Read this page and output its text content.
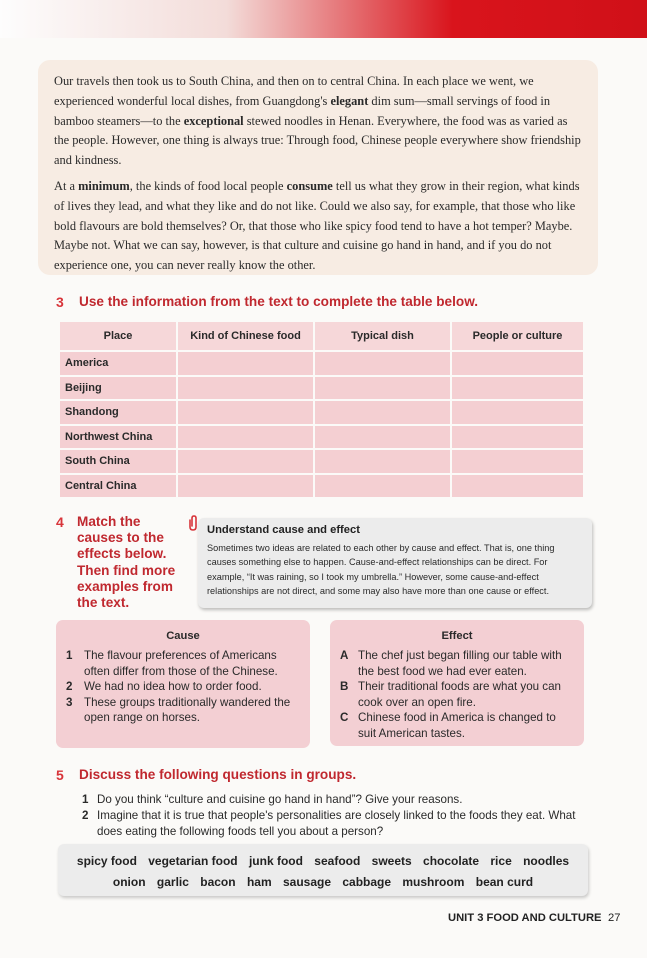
Our travels then took us to South China, and then on to central China. In each place we went, we experienced wonderful local dishes, from Guangdong's elegant dim sum—small servings of food in bamboo steamers—to the exceptional stewed noodles in Henan. Everywhere, the food was as varied as the people. However, one thing is always true: Through food, Chinese people everywhere show friendship and kindness.

At a minimum, the kinds of food local people consume tell us what they grow in their region, what kinds of lives they lead, and what they like and do not like. Could we also say, for example, that those who like bold flavours are bold themselves? Or, that those who like spicy food tend to have a hot temper? Maybe. Maybe not. What we can say, however, is that culture and cuisine go hand in hand, and if you do not experience one, you can never really know the other.

3 Use the information from the text to complete the table below.
Place	Kind of Chinese food	Typical dish	People or culture
America			
Beijing			
Shandong			
Northwest China			
South China			
Central China			
4 Match the causes to the effects below. Then find more examples from the text.
Understand cause and effect
Sometimes two ideas are related to each other by cause and effect. That is, one thing causes something else to happen. Cause-and-effect relationships can be direct. For example, “It was raining, so I took my umbrella.” However, some cause-and-effect relationships are not direct, and some may also have more than one cause or effect.
Cause
1 The flavour preferences of Americans often differ from those of the Chinese.
2 We had no idea how to order food.
3 These groups traditionally wandered the open range on horses.
Effect
A The chef just began filling our table with the best food we had ever eaten.
B Their traditional foods are what you can cook over an open fire.
C Chinese food in America is changed to suit American tastes.
5 Discuss the following questions in groups.
1 Do you think “culture and cuisine go hand in hand”? Give your reasons.
2 Imagine that it is true that people's personalities are closely linked to the foods they eat. What does eating the following foods tell you about a person?
spicy food vegetarian food junk food seafood sweets chocolate rice noodles
onion garlic bacon ham sausage cabbage mushroom bean curd
UNIT 3 FOOD AND CULTURE 27
